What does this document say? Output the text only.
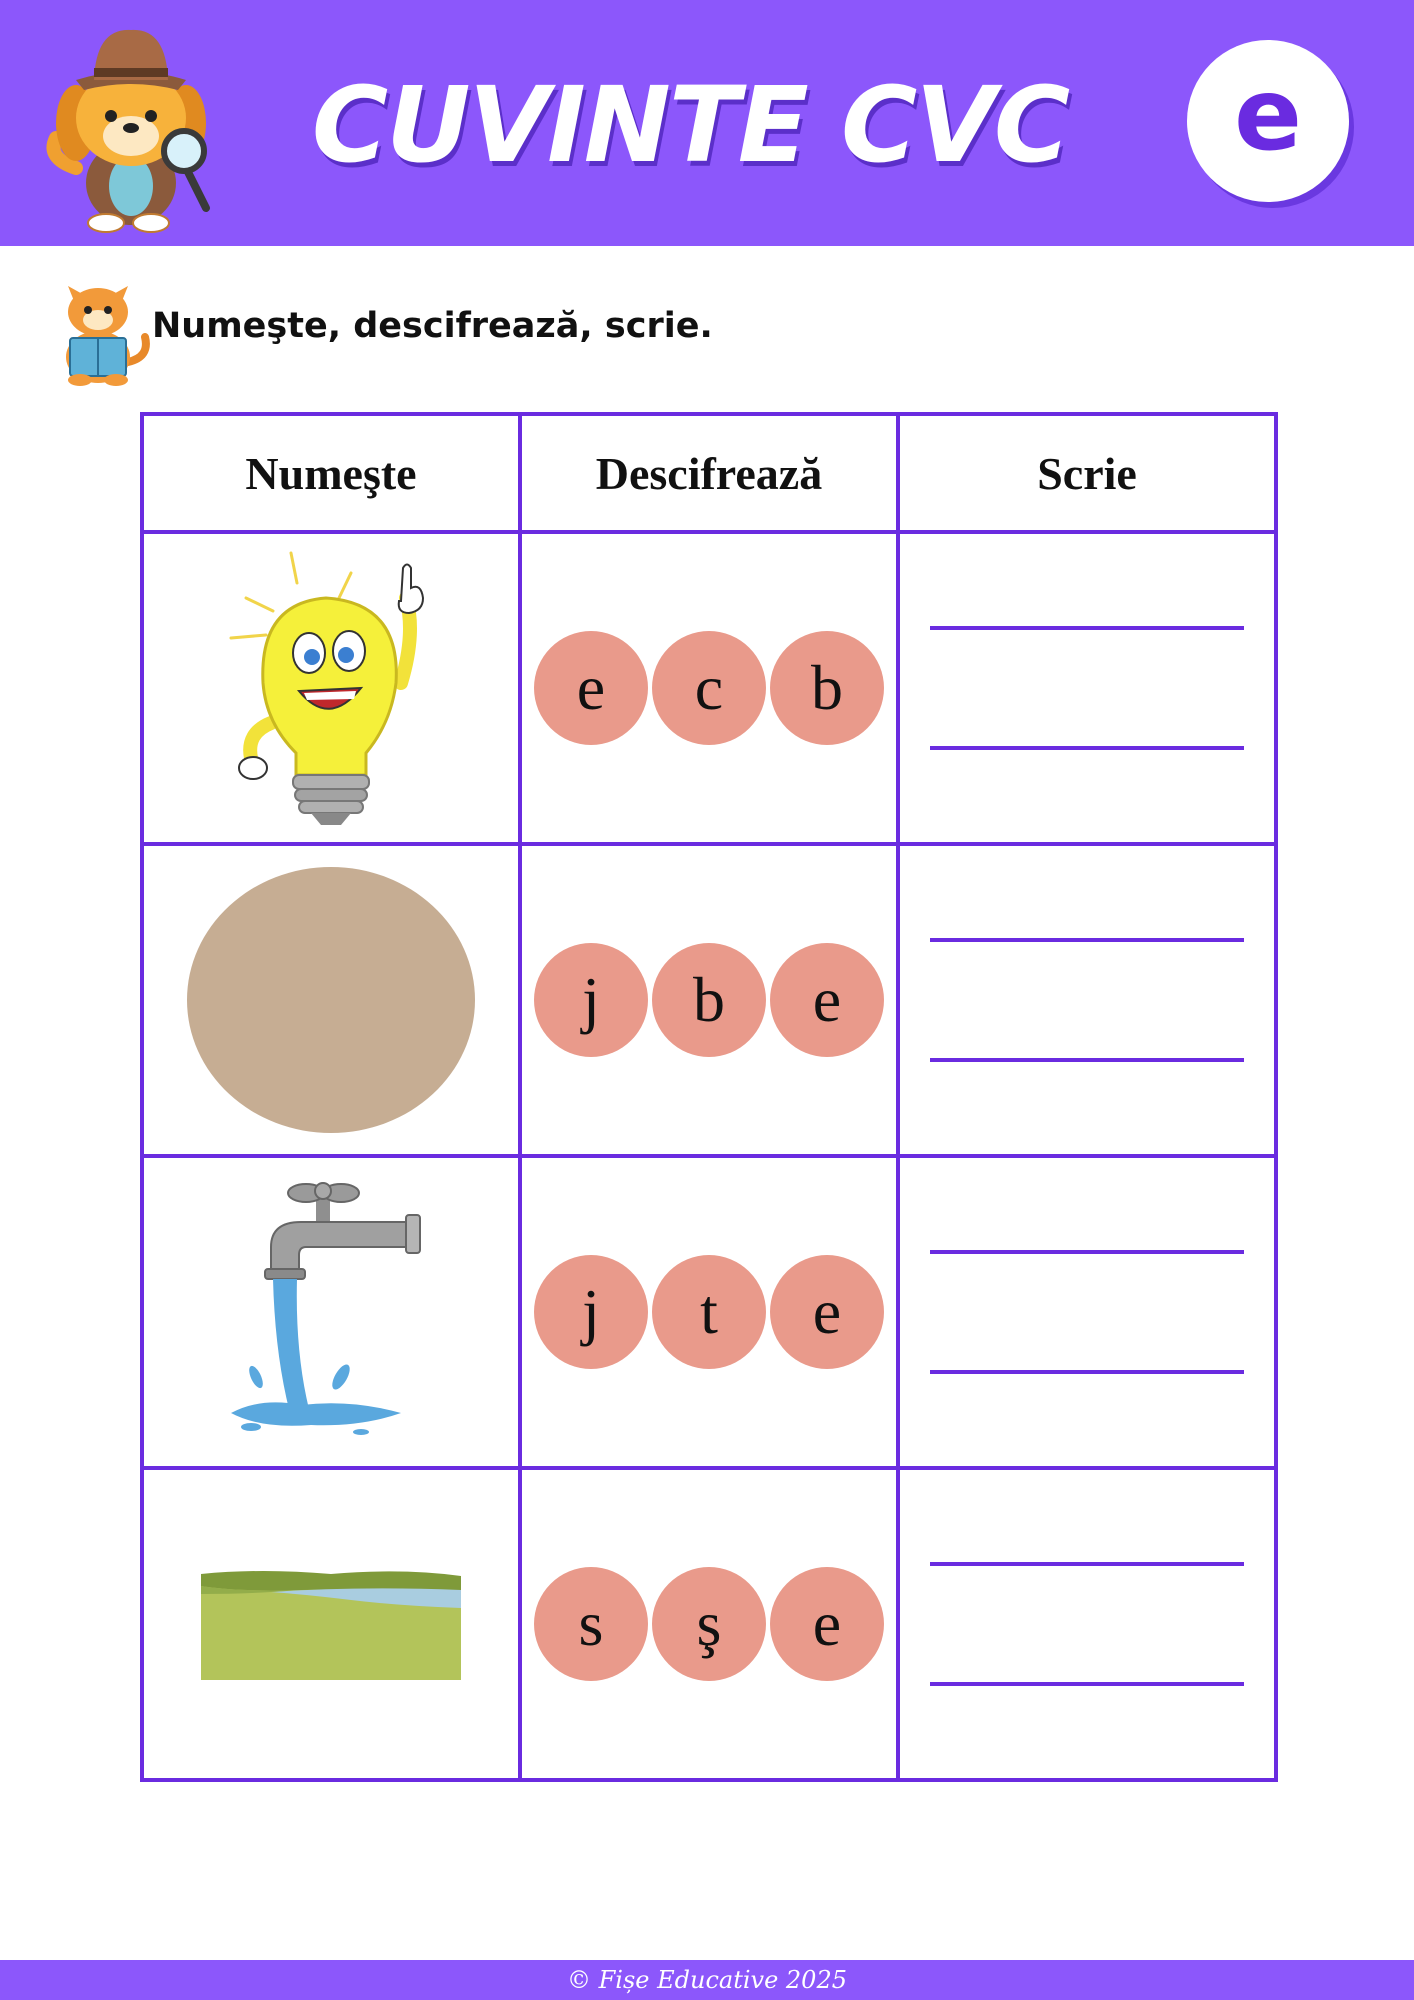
CUVINTE CVC	e
Numeşte, descifrează, scrie.
Numeşte	Descifrează	Scrie

e c b	

j b e	

j t e	

s ş e	

© Fișe Educative 2025
